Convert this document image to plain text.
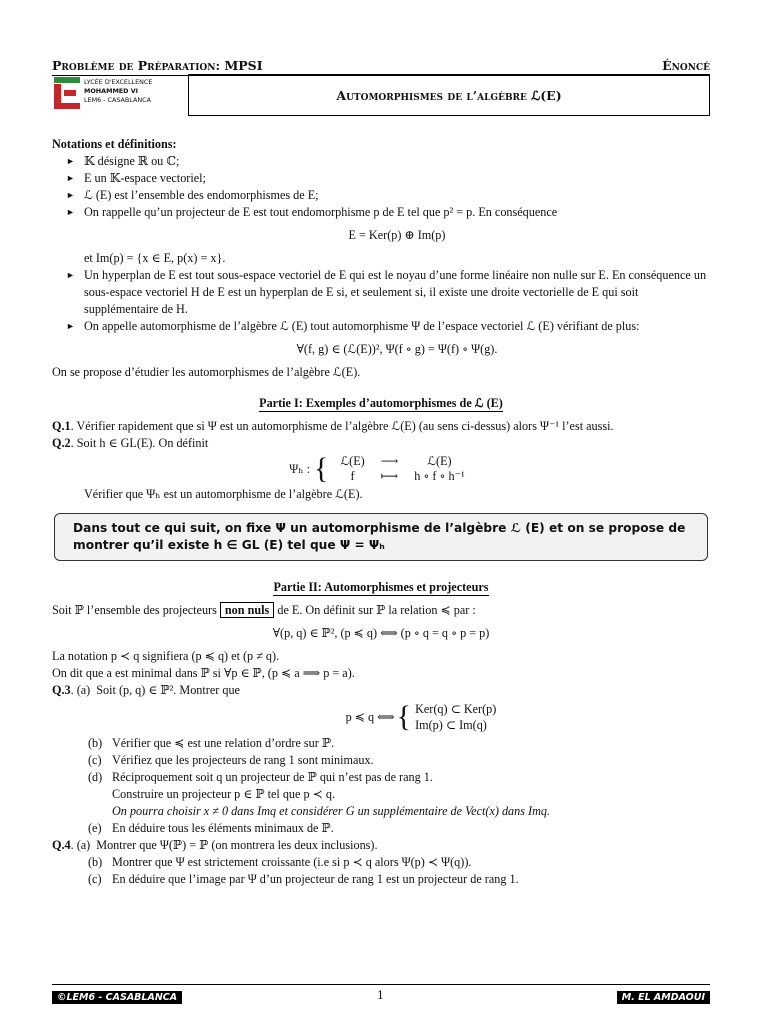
Problème de Préparation: MPSI	Énoncé
LYCÉE D'EXCELLENCE
MOHAMMED VI
LEM6 - CASABLANCA	Automorphismes de l’algèbre ℒ(E)
Notations et définitions:
► 𝕂 désigne ℝ ou ℂ;
► E un 𝕂-espace vectoriel;
► ℒ (E) est l’ensemble des endomorphismes de E;
► On rappelle qu’un projecteur de E est tout endomorphisme p de E tel que p² = p. En conséquence
E = Ker(p) ⊕ Im(p)
et Im(p) = {x ∈ E, p(x) = x}.
► Un hyperplan de E est tout sous-espace vectoriel de E qui est le noyau d’une forme linéaire non nulle sur E. En conséquence un sous-espace vectoriel H de E est un hyperplan de E si, et seulement si, il existe une droite vectorielle de E qui soit supplémentaire de H.
► On appelle automorphisme de l’algèbre ℒ (E) tout automorphisme Ψ de l’espace vectoriel ℒ (E) vérifiant de plus:
∀(f, g) ∈ (ℒ(E))², Ψ(f ∘ g) = Ψ(f) ∘ Ψ(g).
On se propose d’étudier les automorphismes de l’algèbre ℒ(E).
Partie I: Exemples d’automorphismes de ℒ (E)
Q.1 . Vérifier rapidement que si Ψ est un automorphisme de l’algèbre ℒ(E) (au sens ci-dessus) alors Ψ⁻¹ l’est aussi.
Q.2 . Soit h ∈ GL(E). On définit
Ψₕ : { ℒ(E)	⟶	ℒ(E)
f	⟼	h ∘ f ∘ h⁻¹
Vérifier que Ψₕ est un automorphisme de l’algèbre ℒ(E).
Dans tout ce qui suit, on fixe Ψ un automorphisme de l’algèbre ℒ (E) et on se propose de montrer qu’il existe h ∈ GL (E) tel que Ψ = Ψₕ
Partie II: Automorphismes et projecteurs
Soit ℙ l’ensemble des projecteurs non nuls de E. On définit sur ℙ la relation ≼ par :
∀(p, q) ∈ ℙ², (p ≼ q) ⟺ (p ∘ q = q ∘ p = p)
La notation p ≺ q signifiera (p ≼ q) et (p ≠ q).
On dit que a est minimal dans ℙ si ∀p ∈ ℙ, (p ≼ a ⟹ p = a).
Q.3 . (a) Soit (p, q) ∈ ℙ². Montrer que
p ≼ q ⟺ { Ker(q) ⊂ Ker(p)
Im(p) ⊂ Im(q)
(b) Vérifier que ≼ est une relation d’ordre sur ℙ.
(c) Vérifiez que les projecteurs de rang 1 sont minimaux.
(d) Réciproquement soit q un projecteur de ℙ qui n’est pas de rang 1.
Construire un projecteur p ∈ ℙ tel que p ≺ q.
On pourra choisir x ≠ 0 dans Imq et considérer G un supplémentaire de Vect(x) dans Imq.
(e) En déduire tous les éléments minimaux de ℙ.
Q.4 . (a) Montrer que Ψ(ℙ) = ℙ (on montrera les deux inclusions).
(b) Montrer que Ψ est strictement croissante (i.e si p ≺ q alors Ψ(p) ≺ Ψ(q)).
(c) En déduire que l’image par Ψ d’un projecteur de rang 1 est un projecteur de rang 1.
©LEM6 - CASABLANCA	1	M. EL AMDAOUI
